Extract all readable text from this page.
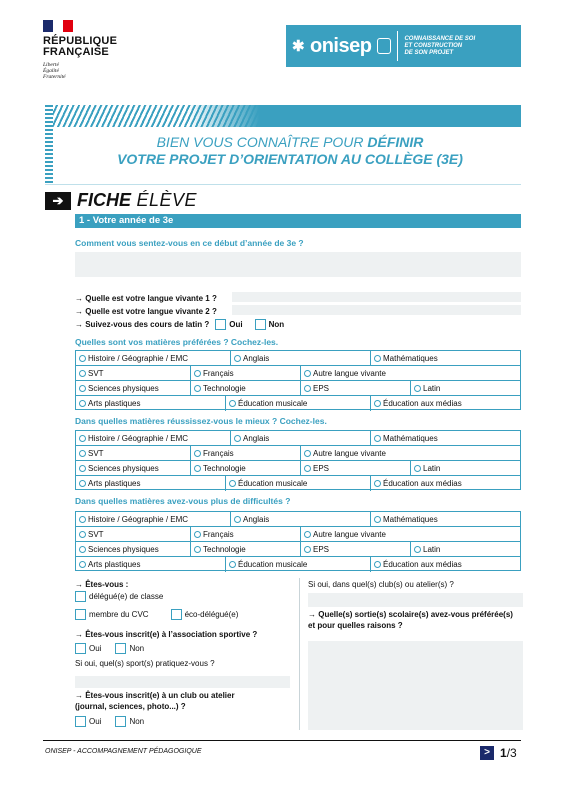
RÉPUBLIQUE
FRANÇAISE
Liberté
Égalité
Fraternité
✱ onisep	CONNAISSANCE DE SOI
ET CONSTRUCTION
DE SON PROJET
BIEN VOUS CONNAÎTRE POUR DÉFINIR
VOTRE PROJET D’ORIENTATION AU COLLÈGE (3E)
➔ FICHE ÉLÈVE
1 - Votre année de 3e
Comment vous sentez-vous en ce début d’année de 3e ?
→ Quelle est votre langue vivante 1 ?
→ Quelle est votre langue vivante 2 ?
→ Suivez-vous des cours de latin ?	Oui	Non
Quelles sont vos matières préférées ? Cochez-les.
Histoire / Géographie / EMC	Anglais	Mathématiques
SVT	Français	Autre langue vivante
Sciences physiques	Technologie	EPS	Latin
Arts plastiques	Éducation musicale	Éducation aux médias
Dans quelles matières réussissez-vous le mieux ? Cochez-les.
Histoire / Géographie / EMC	Anglais	Mathématiques
SVT	Français	Autre langue vivante
Sciences physiques	Technologie	EPS	Latin
Arts plastiques	Éducation musicale	Éducation aux médias
Dans quelles matières avez-vous plus de difficultés ?
Histoire / Géographie / EMC	Anglais	Mathématiques
SVT	Français	Autre langue vivante
Sciences physiques	Technologie	EPS	Latin
Arts plastiques	Éducation musicale	Éducation aux médias
→ Êtes-vous :
délégué(e) de classe
membre du CVC	éco-délégué(e)
→ Êtes-vous inscrit(e) à l’association sportive ?
Oui	Non
Si oui, quel(s) sport(s) pratiquez-vous ?
→ Êtes-vous inscrit(e) à un club ou atelier
(journal, sciences, photo...) ?
Oui	Non
Si oui, dans quel(s) club(s) ou atelier(s) ?
→ Quelle(s) sortie(s) scolaire(s) avez-vous préférée(s)
et pour quelles raisons ?
ONISEP - ACCOMPAGNEMENT PÉDAGOGIQUE	> 1/3
